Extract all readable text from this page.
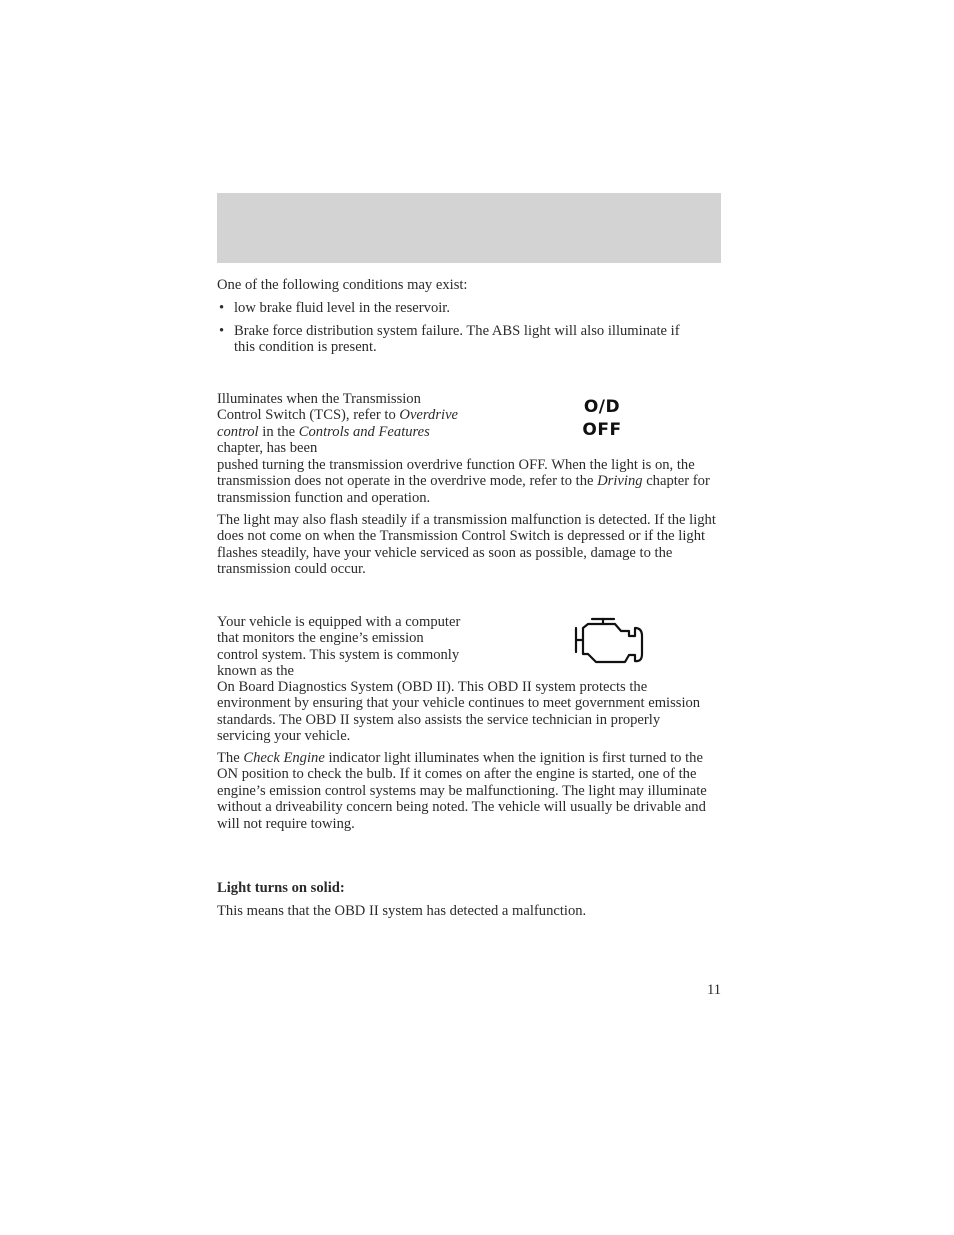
One of the following conditions may exist:

• low brake fluid level in the reservoir.
• Brake force distribution system failure. The ABS light will also illuminate if this condition is present.

Illuminates when the Transmission Control Switch (TCS), refer to Overdrive control in the Controls and Features chapter, has been

O/D
OFF

pushed turning the transmission overdrive function OFF. When the light is on, the transmission does not operate in the overdrive mode, refer to the Driving chapter for transmission function and operation.

The light may also flash steadily if a transmission malfunction is detected. If the light does not come on when the Transmission Control Switch is depressed or if the light flashes steadily, have your vehicle serviced as soon as possible, damage to the transmission could occur.

Your vehicle is equipped with a computer that monitors the engine’s emission control system. This system is commonly known as the

On Board Diagnostics System (OBD II). This OBD II system protects the environment by ensuring that your vehicle continues to meet government emission standards. The OBD II system also assists the service technician in properly servicing your vehicle.

The Check Engine indicator light illuminates when the ignition is first turned to the ON position to check the bulb. If it comes on after the engine is started, one of the engine’s emission control systems may be malfunctioning. The light may illuminate without a driveability concern being noted. The vehicle will usually be drivable and will not require towing.

Light turns on solid:

This means that the OBD II system has detected a malfunction.

11
